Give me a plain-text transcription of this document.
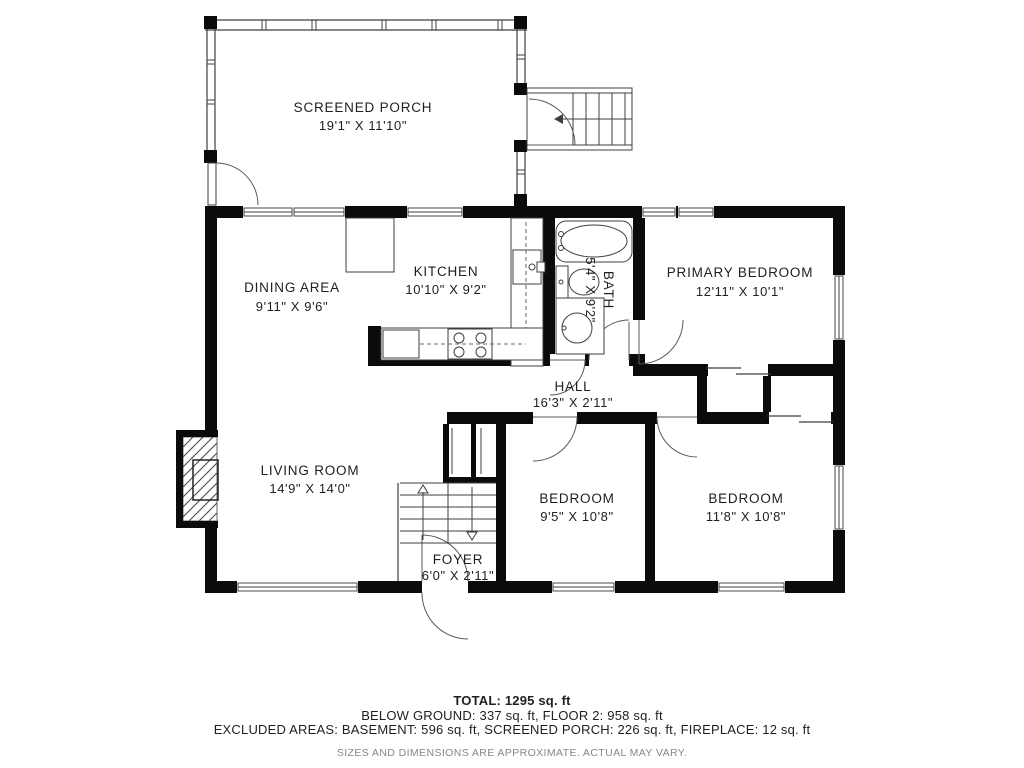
SCREENED PORCH
19'1" X 11'10"
DINING AREA
9'11" X 9'6"
KITCHEN
10'10" X 9'2"	BATH
5'4" X 9'2"	PRIMARY BEDROOM
12'11" X 10'1"
HALL
16'3" X 2'11"
LIVING ROOM
14'9" X 14'0"
BEDROOM
9'5" X 10'8"
BEDROOM
11'8" X 10'8"
FOYER
6'0" X 2'11"
TOTAL: 1295 sq. ft
BELOW GROUND: 337 sq. ft, FLOOR 2: 958 sq. ft
EXCLUDED AREAS: BASEMENT: 596 sq. ft, SCREENED PORCH: 226 sq. ft, FIREPLACE: 12 sq. ft
SIZES AND DIMENSIONS ARE APPROXIMATE. ACTUAL MAY VARY.
